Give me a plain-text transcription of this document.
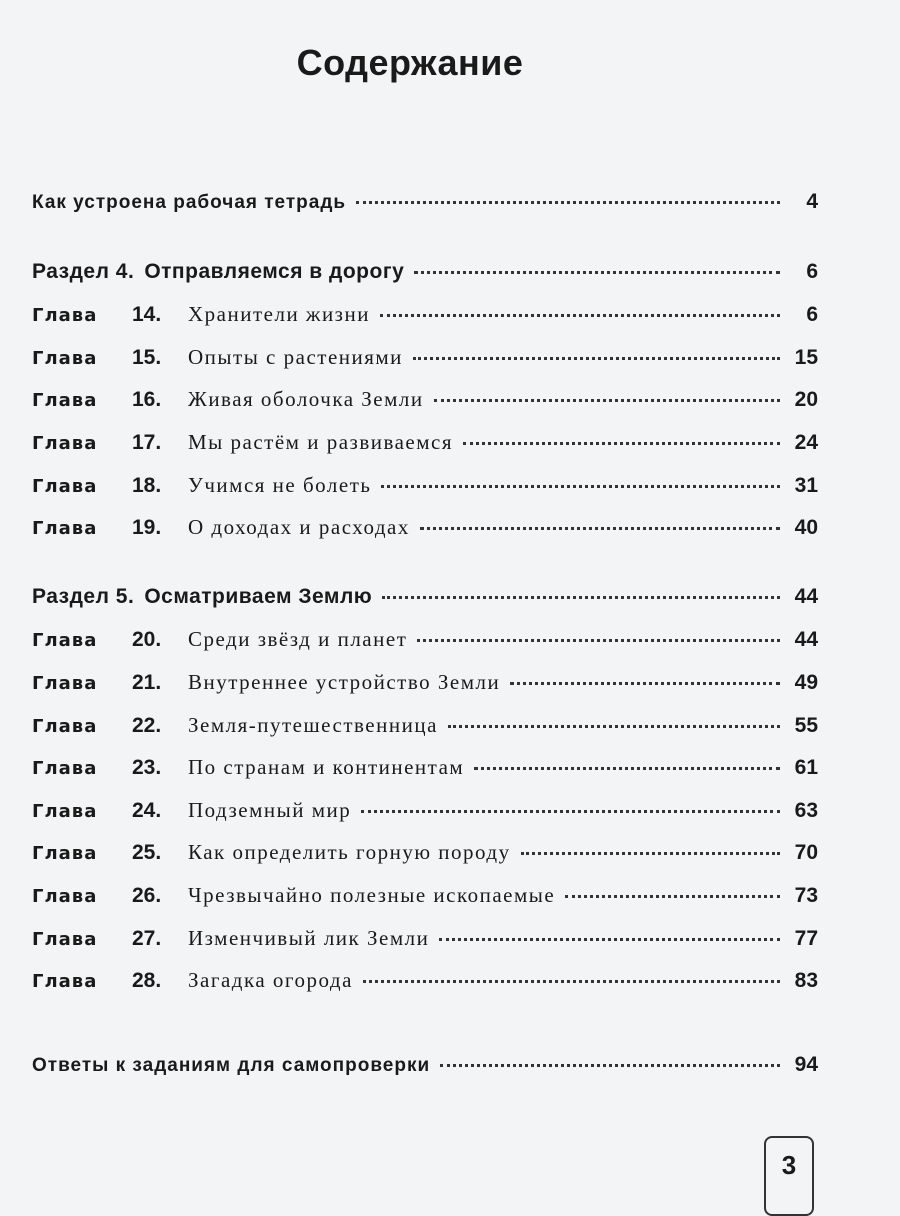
Содержание
Как устроена рабочая тетрадь	4
Раздел 4. Отправляемся в дорогу	6
Глава	14.	Хранители жизни	6
Глава	15.	Опыты с растениями	15
Глава	16.	Живая оболочка Земли	20
Глава	17.	Мы растём и развиваемся	24
Глава	18.	Учимся не болеть	31
Глава	19.	О доходах и расходах	40
Раздел 5. Осматриваем Землю	44
Глава	20.	Среди звёзд и планет	44
Глава	21.	Внутреннее устройство Земли	49
Глава	22.	Земля-путешественница	55
Глава	23.	По странам и континентам	61
Глава	24.	Подземный мир	63
Глава	25.	Как определить горную породу	70
Глава	26.	Чрезвычайно полезные ископаемые	73
Глава	27.	Изменчивый лик Земли	77
Глава	28.	Загадка огорода	83
Ответы к заданиям для самопроверки	94
3
